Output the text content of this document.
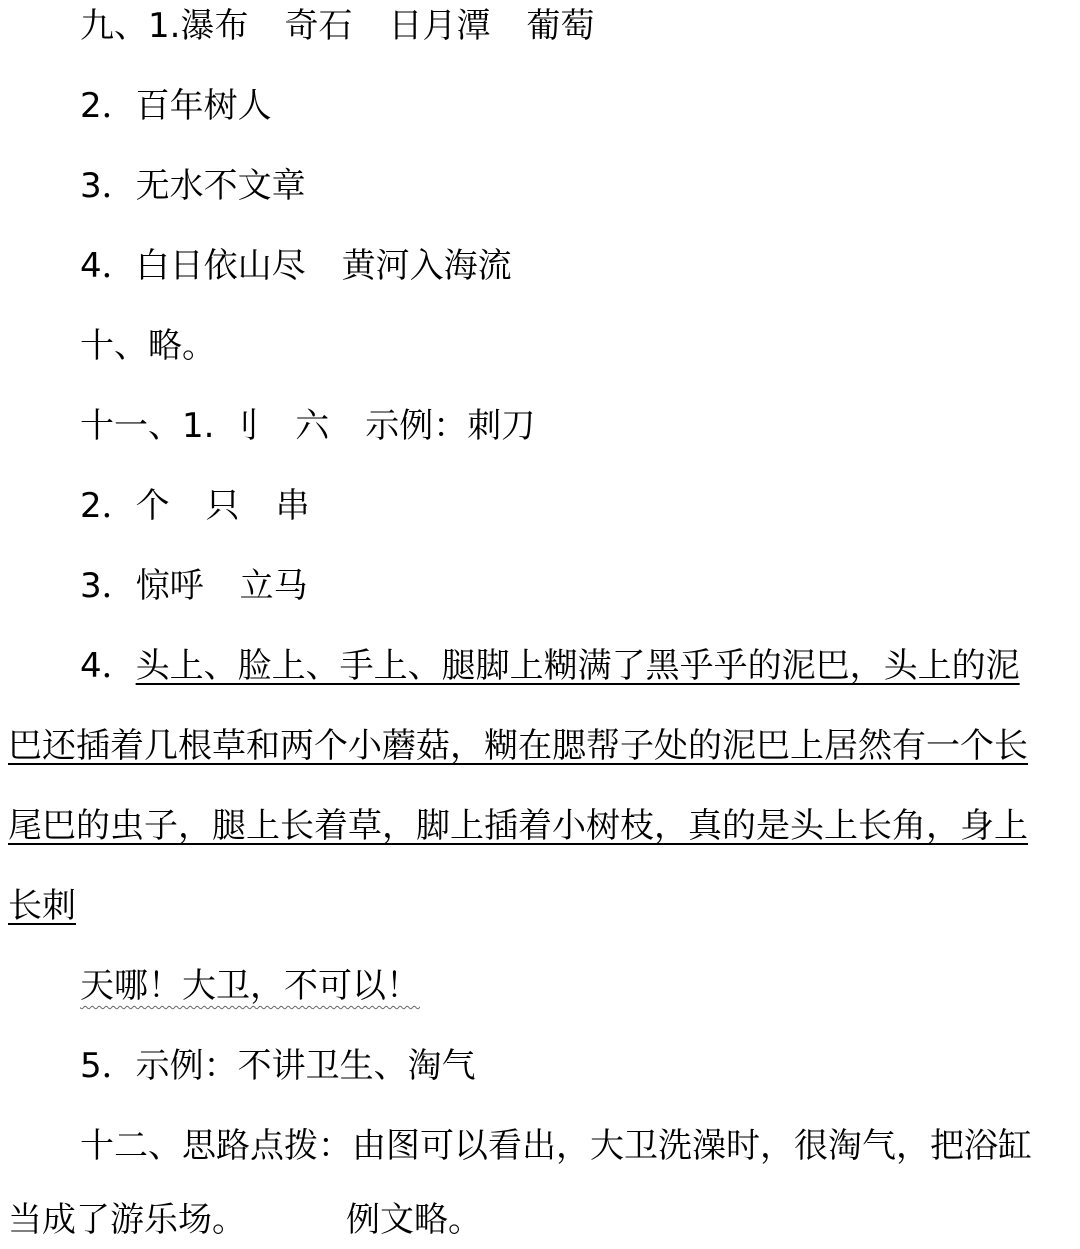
九、1.瀑布 奇石 日月潭 葡萄
2．百年树人
3．无水不文章
4．白日依山尽 黄河入海流
十、略。
十一、1. 刂 六 示例：刺刀
2．个 只 串
3．惊呼 立马
4．头上、脸上、手上、腿脚上糊满了黑乎乎的泥巴，头上的泥
巴还插着几根草和两个小蘑菇，糊在腮帮子处的泥巴上居然有一个长
尾巴的虫子，腿上长着草，脚上插着小树枝，真的是头上长角，身上
长刺
天哪！大卫，不可以！
5．示例：不讲卫生、淘气
十二、思路点拨：由图可以看出，大卫洗澡时，很淘气，把浴缸
当成了游乐场。	例文略。
